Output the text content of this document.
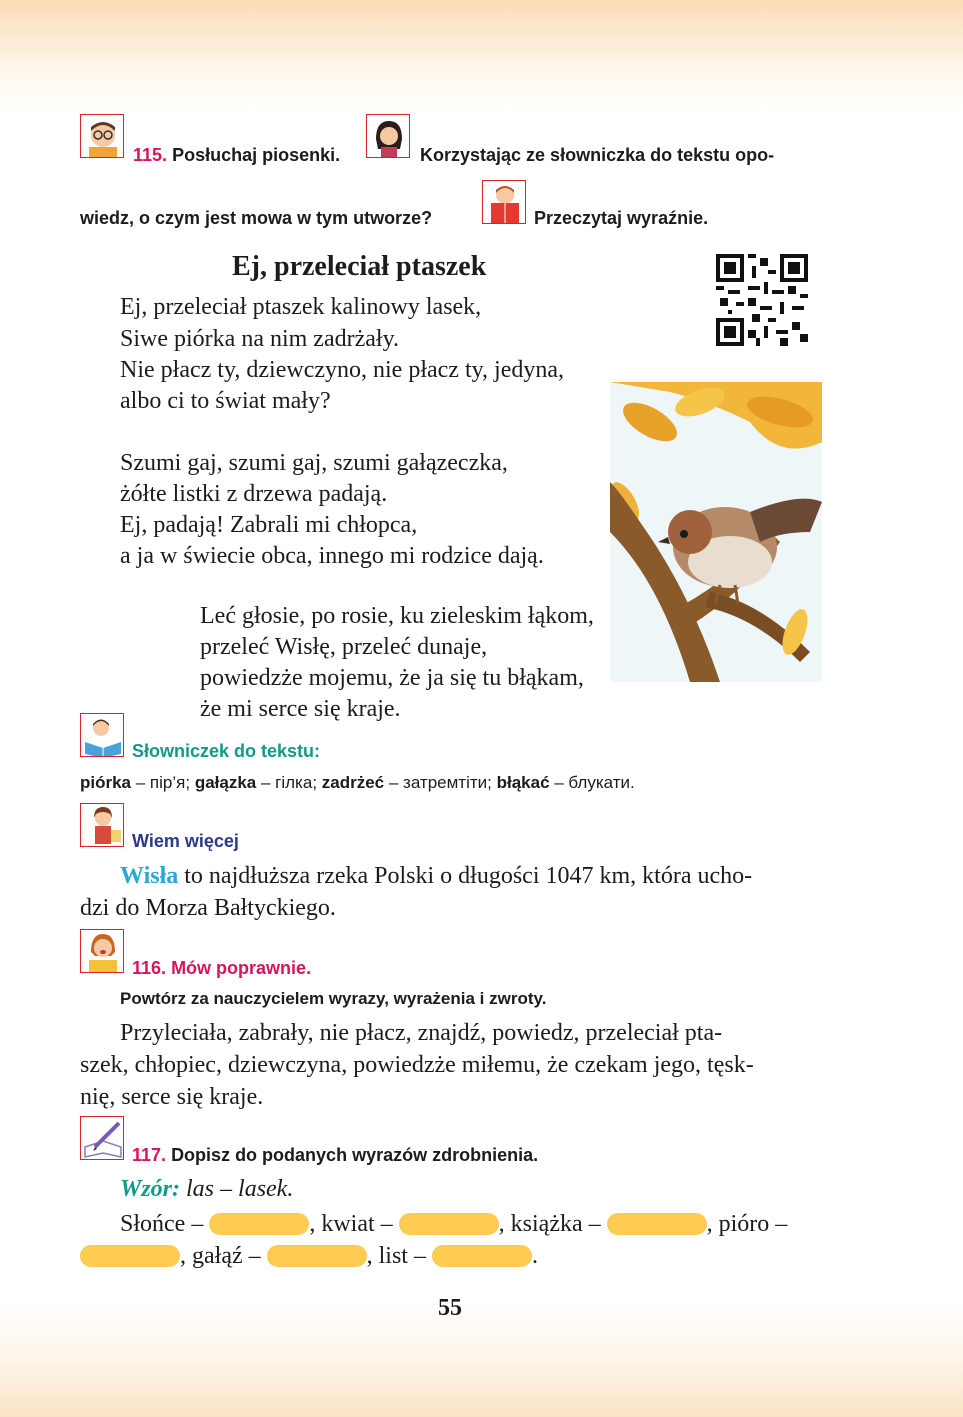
115. Posłuchaj piosenki.	Korzystając ze słowniczka do tekstu opo-
wiedz, o czym jest mowa w tym utworze?	Przeczytaj wyraźnie.
Ej, przeleciał ptaszek
Ej, przeleciał ptaszek kalinowy lasek,
Siwe piórka na nim zadrżały.
Nie płacz ty, dziewczyno, nie płacz ty, jedyna,
albo ci to świat mały?
Szumi gaj, szumi gaj, szumi gałązeczka,
żółte listki z drzewa padają.
Ej, padają! Zabrali mi chłopca,
a ja w świecie obca, innego mi rodzice dają.
Leć głosie, po rosie, ku zieleskim łąkom,
przeleć Wisłę, przeleć dunaje,
powiedzże mojemu, że ja się tu błąkam,
że mi serce się kraje.
Słowniczek do tekstu:
piórka – пір’я; gałązka – гілка; zadrżeć – затремтіти; błąkać – блукати.
Wiem więcej
Wisła to najdłuższa rzeka Polski o długości 1047 km, która ucho-
dzi do Morza Bałtyckiego.
116. Mów poprawnie.
Powtórz za nauczycielem wyrazy, wyrażenia i zwroty.
Przyleciała, zabrały, nie płacz, znajdź, powiedz, przeleciał pta-
szek, chłopiec, dziewczyna, powiedzże miłemu, że czekam jego, tęsk-
nię, serce się kraje.
117. Dopisz do podanych wyrazów zdrobnienia.
Wzór: las – lasek.
Słońce –	, kwiat –	, książka –	, pióro –
, gałąź –	, list –	.
55
